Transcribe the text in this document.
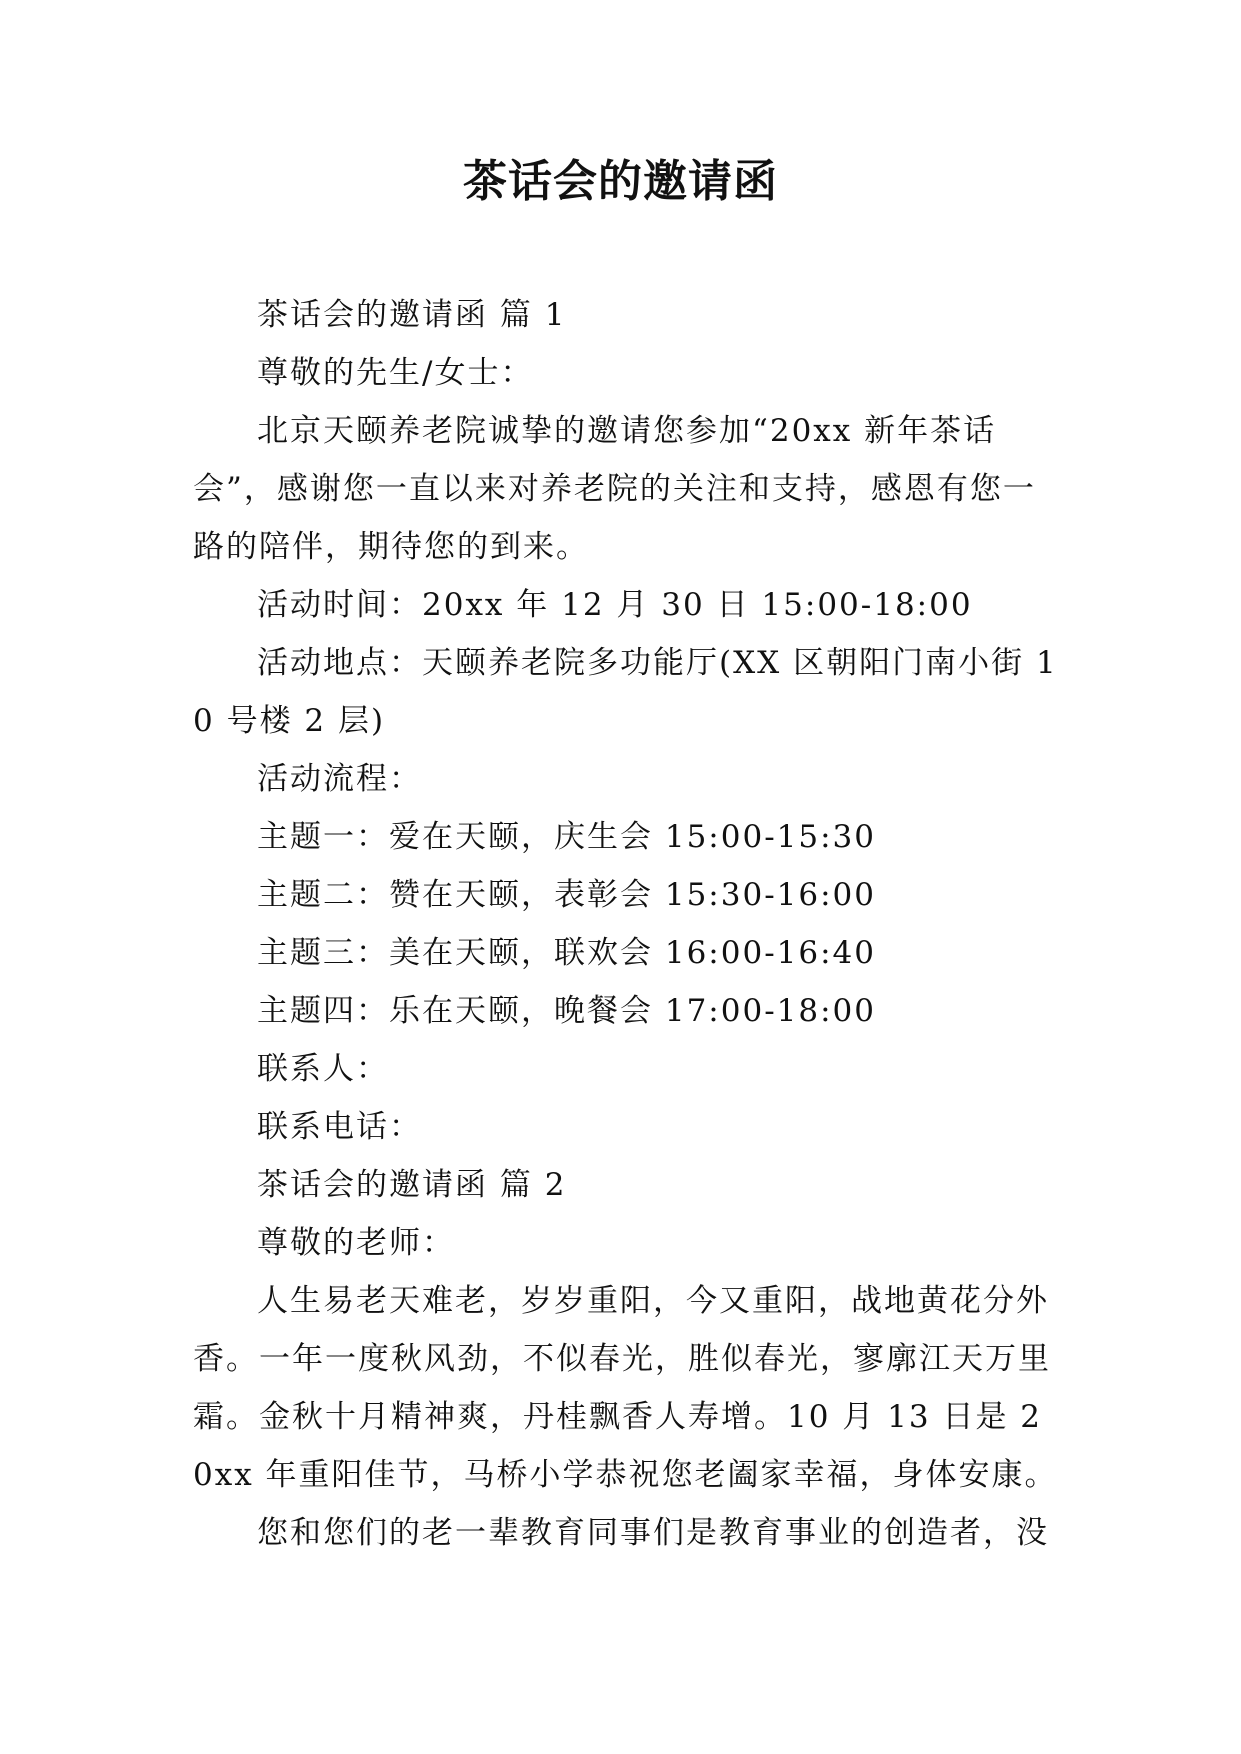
茶话会的邀请函

茶话会的邀请函 篇 1

尊敬的先生/女士：

北京天颐养老院诚挚的邀请您参加“20xx 新年茶话会”，感谢您一直以来对养老院的关注和支持，感恩有您一路的陪伴，期待您的到来。

活动时间：20xx 年 12 月 30 日 15:00-18:00

活动地点：天颐养老院多功能厅(XX 区朝阳门南小街 10 号楼 2 层)

活动流程：

主题一：爱在天颐，庆生会 15:00-15:30

主题二：赞在天颐，表彰会 15:30-16:00

主题三：美在天颐，联欢会 16:00-16:40

主题四：乐在天颐，晚餐会 17:00-18:00

联系人：

联系电话：

茶话会的邀请函 篇 2

尊敬的老师：

人生易老天难老，岁岁重阳，今又重阳，战地黄花分外香。一年一度秋风劲，不似春光，胜似春光，寥廓江天万里霜。金秋十月精神爽，丹桂飘香人寿增。10 月 13 日是 20xx 年重阳佳节，马桥小学恭祝您老阖家幸福，身体安康。

您和您们的老一辈教育同事们是教育事业的创造者，没
